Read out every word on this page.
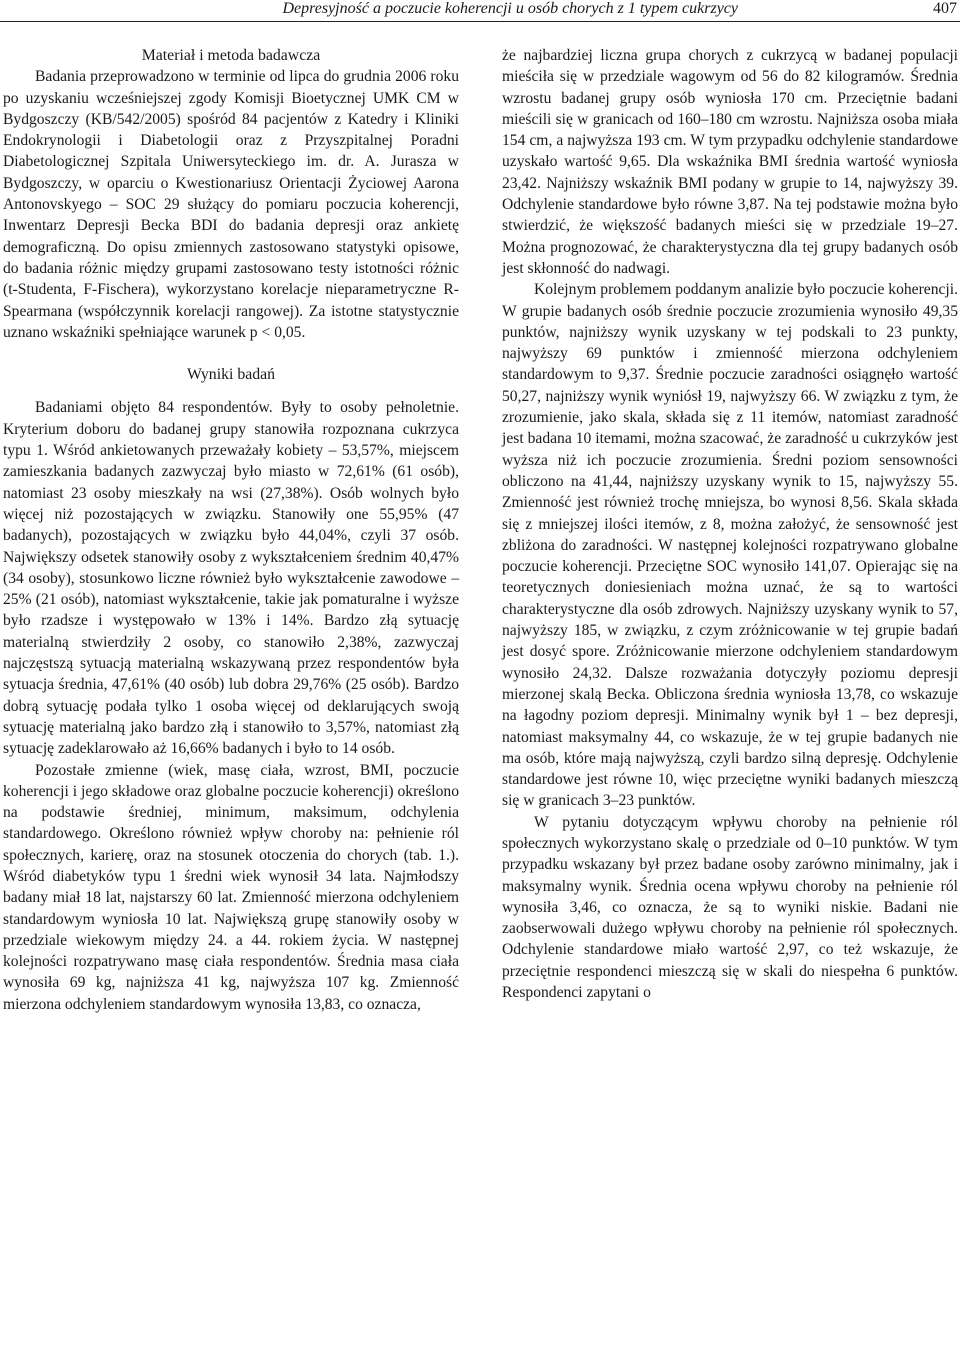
Depresyjność a poczucie koherencji u osób chorych z 1 typem cukrzycy	407
Materiał i metoda badawcza

Badania przeprowadzono w terminie od lipca do grudnia 2006 roku po uzyskaniu wcześniejszej zgody Komisji Bioetycznej UMK CM w Bydgoszczy (KB/542/2005) spośród 84 pacjentów z Katedry i Kliniki Endokrynologii i Diabetologii oraz z Przyszpitalnej Poradni Diabetologicznej Szpitala Uniwersyteckiego im. dr. A. Jurasza w Bydgoszczy, w oparciu o Kwestionariusz Orientacji Życiowej Aarona Antonovskyego – SOC 29 służący do pomiaru poczucia koherencji, Inwentarz Depresji Becka BDI do badania depresji oraz ankietę demograficzną. Do opisu zmiennych zastosowano statystyki opisowe, do badania różnic między grupami zastosowano testy istotności różnic (t-Studenta, F-Fischera), wykorzystano korelacje nieparametryczne R-Spearmana (współczynnik korelacji rangowej). Za istotne statystycznie uznano wskaźniki spełniające warunek p < 0,05.

Wyniki badań

Badaniami objęto 84 respondentów. Były to osoby pełnoletnie. Kryterium doboru do badanej grupy stanowiła rozpoznana cukrzyca typu 1. Wśród ankietowanych przeważały kobiety – 53,57%, miejscem zamieszkania badanych zazwyczaj było miasto w 72,61% (61 osób), natomiast 23 osoby mieszkały na wsi (27,38%). Osób wolnych było więcej niż pozostających w związku. Stanowiły one 55,95% (47 badanych), pozostających w związku było 44,04%, czyli 37 osób. Największy odsetek stanowiły osoby z wykształceniem średnim 40,47% (34 osoby), stosunkowo liczne również było wykształcenie zawodowe – 25% (21 osób), natomiast wykształcenie, takie jak pomaturalne i wyższe było rzadsze i występowało w 13% i 14%. Bardzo złą sytuację materialną stwierdziły 2 osoby, co stanowiło 2,38%, zazwyczaj najczęstszą sytuacją materialną wskazywaną przez respondentów była sytuacja średnia, 47,61% (40 osób) lub dobra 29,76% (25 osób). Bardzo dobrą sytuację podała tylko 1 osoba więcej od deklarujących swoją sytuację materialną jako bardzo złą i stanowiło to 3,57%, natomiast złą sytuację zadeklarowało aż 16,66% badanych i było to 14 osób.

Pozostałe zmienne (wiek, masę ciała, wzrost, BMI, poczucie koherencji i jego składowe oraz globalne poczucie koherencji) określono na podstawie średniej, minimum, maksimum, odchylenia standardowego. Określono również wpływ choroby na: pełnienie ról społecznych, karierę, oraz na stosunek otoczenia do chorych (tab. 1.). Wśród diabetyków typu 1 średni wiek wynosił 34 lata. Najmłodszy badany miał 18 lat, najstarszy 60 lat. Zmienność mierzona odchyleniem standardowym wyniosła 10 lat. Największą grupę stanowiły osoby w przedziale wiekowym między 24. a 44. rokiem życia. W następnej kolejności rozpatrywano masę ciała respondentów. Średnia masa ciała wynosiła 69 kg, najniższa 41 kg, najwyższa 107 kg. Zmienność mierzona odchyleniem standardowym wynosiła 13,83, co oznacza,

że najbardziej liczna grupa chorych z cukrzycą w badanej populacji mieściła się w przedziale wagowym od 56 do 82 kilogramów. Średnia wzrostu badanej grupy osób wyniosła 170 cm. Przeciętnie badani mieścili się w granicach od 160–180 cm wzrostu. Najniższa osoba miała 154 cm, a najwyższa 193 cm. W tym przypadku odchylenie standardowe uzyskało wartość 9,65. Dla wskaźnika BMI średnia wartość wyniosła 23,42. Najniższy wskaźnik BMI podany w grupie to 14, najwyższy 39. Odchylenie standardowe było równe 3,87. Na tej podstawie można było stwierdzić, że większość badanych mieści się w przedziale 19–27. Można prognozować, że charakterystyczna dla tej grupy badanych osób jest skłonność do nadwagi.

Kolejnym problemem poddanym analizie było poczucie koherencji. W grupie badanych osób średnie poczucie zrozumienia wynosiło 49,35 punktów, najniższy wynik uzyskany w tej podskali to 23 punkty, najwyższy 69 punktów i zmienność mierzona odchyleniem standardowym to 9,37. Średnie poczucie zaradności osiągnęło wartość 50,27, najniższy wynik wyniósł 19, najwyższy 66. W związku z tym, że zrozumienie, jako skala, składa się z 11 itemów, natomiast zaradność jest badana 10 itemami, można szacować, że zaradność u cukrzyków jest wyższa niż ich poczucie zrozumienia. Średni poziom sensowności obliczono na 41,44, najniższy uzyskany wynik to 15, najwyższy 55. Zmienność jest również trochę mniejsza, bo wynosi 8,56. Skala składa się z mniejszej ilości itemów, z 8, można założyć, że sensowność jest zbliżona do zaradności. W następnej kolejności rozpatrywano globalne poczucie koherencji. Przeciętne SOC wynosiło 141,07. Opierając się na teoretycznych doniesieniach można uznać, że są to wartości charakterystyczne dla osób zdrowych. Najniższy uzyskany wynik to 57, najwyższy 185, w związku, z czym zróżnicowanie w tej grupie badań jest dosyć spore. Zróżnicowanie mierzone odchyleniem standardowym wynosiło 24,32. Dalsze rozważania dotyczyły poziomu depresji mierzonej skalą Becka. Obliczona średnia wyniosła 13,78, co wskazuje na łagodny poziom depresji. Minimalny wynik był 1 – bez depresji, natomiast maksymalny 44, co wskazuje, że w tej grupie badanych nie ma osób, które mają najwyższą, czyli bardzo silną depresję. Odchylenie standardowe jest równe 10, więc przeciętne wyniki badanych mieszczą się w granicach 3–23 punktów.

W pytaniu dotyczącym wpływu choroby na pełnienie ról społecznych wykorzystano skalę o przedziale od 0–10 punktów. W tym przypadku wskazany był przez badane osoby zarówno minimalny, jak i maksymalny wynik. Średnia ocena wpływu choroby na pełnienie ról wynosiła 3,46, co oznacza, że są to wyniki niskie. Badani nie zaobserwowali dużego wpływu choroby na pełnienie ról społecznych. Odchylenie standardowe miało wartość 2,97, co też wskazuje, że przeciętnie respondenci mieszczą się w skali do niespełna 6 punktów. Respondenci zapytani o
